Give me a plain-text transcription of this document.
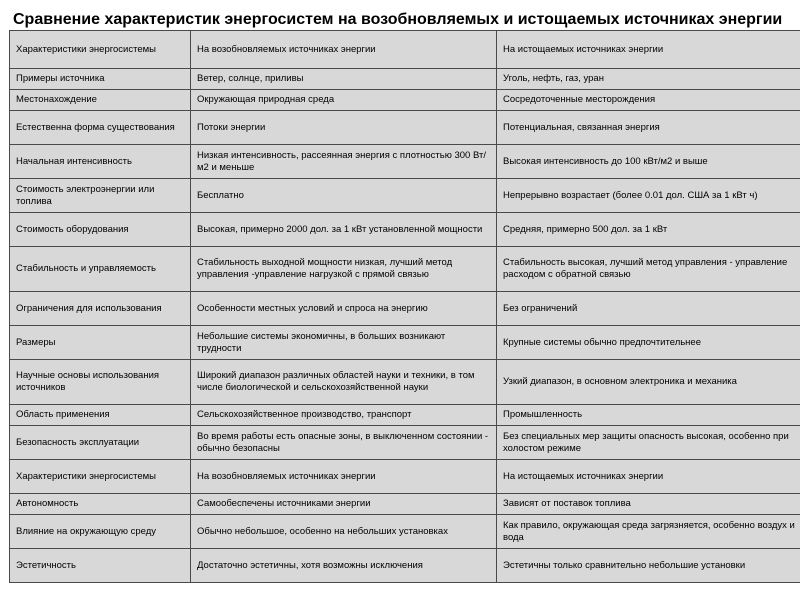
Сравнение характеристик энергосистем на возобновляемых и истощаемых источниках энергии
Характеристики энергосистемы	На возобновляемых источниках энергии	На истощаемых источниках энергии
Примеры источника	Ветер, солнце, приливы	Уголь, нефть, газ, уран
Местонахождение	Окружающая природная среда	Сосредоточенные месторождения
Естественна форма существования	Потоки энергии	Потенциальная, связанная энергия
Начальная интенсивность	Низкая интенсивность, рассеянная энергия с плотностью 300 Вт/м2 и меньше	Высокая интенсивность до 100 кВт/м2 и выше
Стоимость электроэнергии или топлива	Бесплатно	Непрерывно возрастает (более 0.01 дол. США за 1 кВт ч)
Стоимость оборудования	Высокая, примерно 2000 дол. за 1 кВт установленной мощности	Средняя, примерно 500 дол. за 1 кВт
Стабильность и управляемость	Стабильность выходной мощности низкая, лучший метод управления -управление нагрузкой с прямой связью	Стабильность высокая, лучший метод управления - управление расходом с обратной связью
Ограничения для использования	Особенности местных условий и спроса на энергию	Без ограничений
Размеры	Небольшие системы экономичны, в больших возникают трудности	Крупные системы обычно предпочтительнее
Научные основы использования источников	Широкий диапазон различных областей науки и техники, в том числе биологической и сельскохозяйственной науки	Узкий диапазон, в основном электроника и механика
Область применения	Сельскохозяйственное производство, транспорт	Промышленность
Безопасность эксплуатации	Во время работы есть опасные зоны, в выключенном состоянии - обычно безопасны	Без специальных мер защиты опасность высокая, особенно при холостом режиме
Характеристики энергосистемы	На возобновляемых источниках энергии	На истощаемых источниках энергии
Автономность	Самообеспечены источниками энергии	Зависят от поставок топлива
Влияние на окружающую среду	Обычно небольшое, особенно на небольших установках	Как правило, окружающая среда загрязняется, особенно воздух и вода
Эстетичность	Достаточно эстетичны, хотя возможны исключения	Эстетичны только сравнительно небольшие установки
